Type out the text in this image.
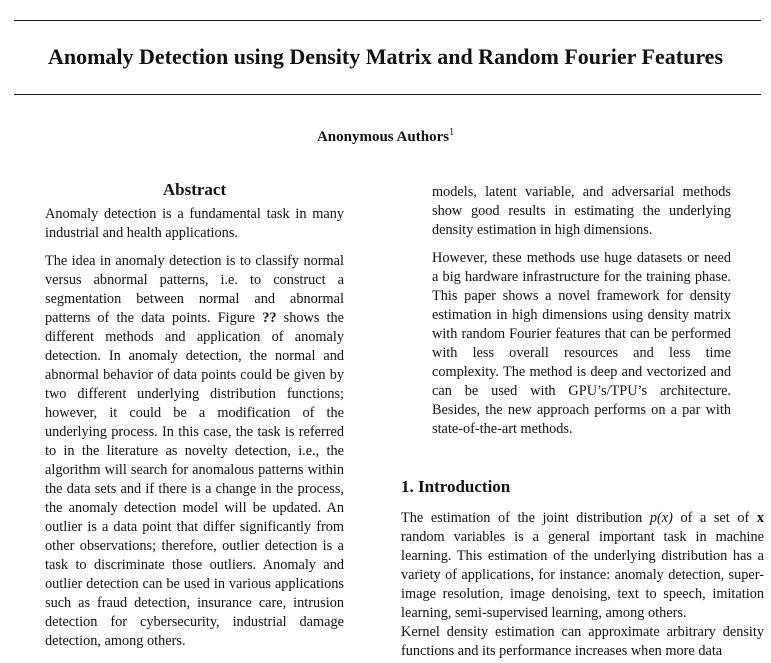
Anomaly Detection using Density Matrix and Random Fourier Features
Anonymous Authors$^1$
Abstract

Anomaly detection is a fundamental task in many industrial and health applications.

The idea in anomaly detection is to classify normal versus abnormal patterns, i.e. to construct a segmentation between normal and abnormal patterns of the data points. Figure ?? shows the different methods and application of anomaly detection. In anomaly detection, the normal and abnormal behavior of data points could be given by two different underlying distribution functions; however, it could be a modification of the underlying process. In this case, the task is referred to in the literature as novelty detection, i.e., the algorithm will search for anomalous patterns within the data sets and if there is a change in the process, the anomaly detection model will be updated. An outlier is a data point that differ significantly from other observations; therefore, outlier detection is a task to discriminate those outliers. Anomaly and outlier detection can be used in various applications such as fraud detection, insurance care, intrusion detection for cybersecurity, industrial damage detection, among others.

models, latent variable, and adversarial methods show good results in estimating the underlying density estimation in high dimensions.

However, these methods use huge datasets or need a big hardware infrastructure for the training phase. This paper shows a novel framework for density estimation in high dimensions using density matrix with random Fourier features that can be performed with less overall resources and less time complexity. The method is deep and vectorized and can be used with GPU’s/TPU’s architecture. Besides, the new approach performs on a par with state-of-the-art methods.

1. Introduction

The estimation of the joint distribution p(x) of a set of x random variables is a general important task in machine learning. This estimation of the underlying distribution has a variety of applications, for instance: anomaly detection, super-image resolution, image denoising, text to speech, imitation learning, semi-supervised learning, among others.

Kernel density estimation can approximate arbitrary density functions and its performance increases when more data
